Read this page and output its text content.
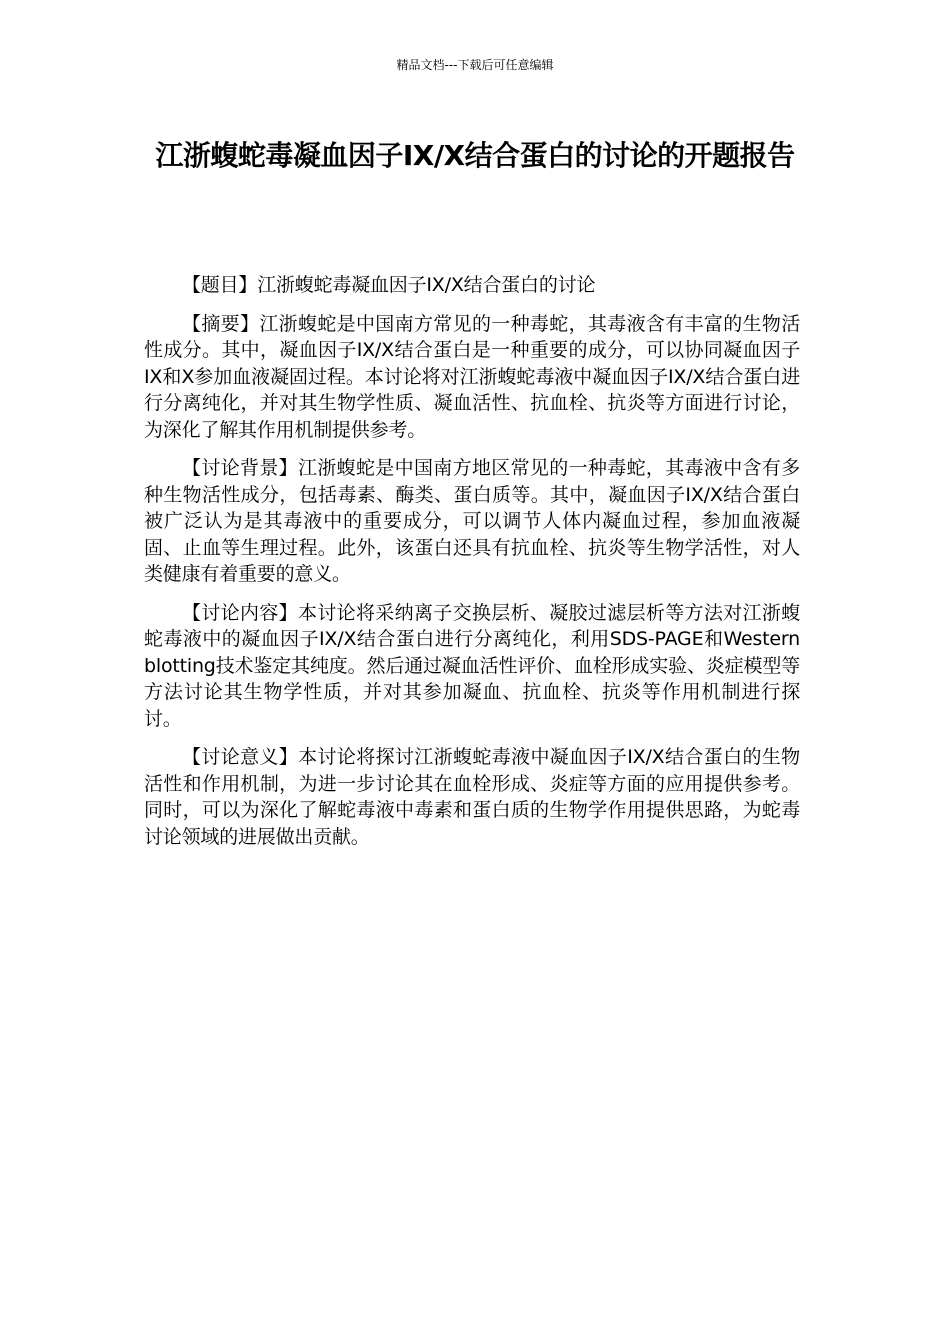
精品文档---下载后可任意编辑
江浙蝮蛇毒凝血因子IX/X结合蛋白的讨论的开题报告

【题目】江浙蝮蛇毒凝血因子IX/X结合蛋白的讨论

【摘要】江浙蝮蛇是中国南方常见的一种毒蛇，其毒液含有丰富的生物活性成分。其中，凝血因子IX/X结合蛋白是一种重要的成分，可以协同凝血因子IX和X参加血液凝固过程。本讨论将对江浙蝮蛇毒液中凝血因子IX/X结合蛋白进行分离纯化，并对其生物学性质、凝血活性、抗血栓、抗炎等方面进行讨论，为深化了解其作用机制提供参考。

【讨论背景】江浙蝮蛇是中国南方地区常见的一种毒蛇，其毒液中含有多种生物活性成分，包括毒素、酶类、蛋白质等。其中，凝血因子IX/X结合蛋白被广泛认为是其毒液中的重要成分，可以调节人体内凝血过程，参加血液凝固、止血等生理过程。此外，该蛋白还具有抗血栓、抗炎等生物学活性，对人类健康有着重要的意义。

【讨论内容】本讨论将采纳离子交换层析、凝胶过滤层析等方法对江浙蝮蛇毒液中的凝血因子IX/X结合蛋白进行分离纯化，利用SDS-PAGE和Western blotting技术鉴定其纯度。然后通过凝血活性评价、血栓形成实验、炎症模型等方法讨论其生物学性质，并对其参加凝血、抗血栓、抗炎等作用机制进行探讨。

【讨论意义】本讨论将探讨江浙蝮蛇毒液中凝血因子IX/X结合蛋白的生物活性和作用机制，为进一步讨论其在血栓形成、炎症等方面的应用提供参考。同时，可以为深化了解蛇毒液中毒素和蛋白质的生物学作用提供思路，为蛇毒讨论领域的进展做出贡献。
